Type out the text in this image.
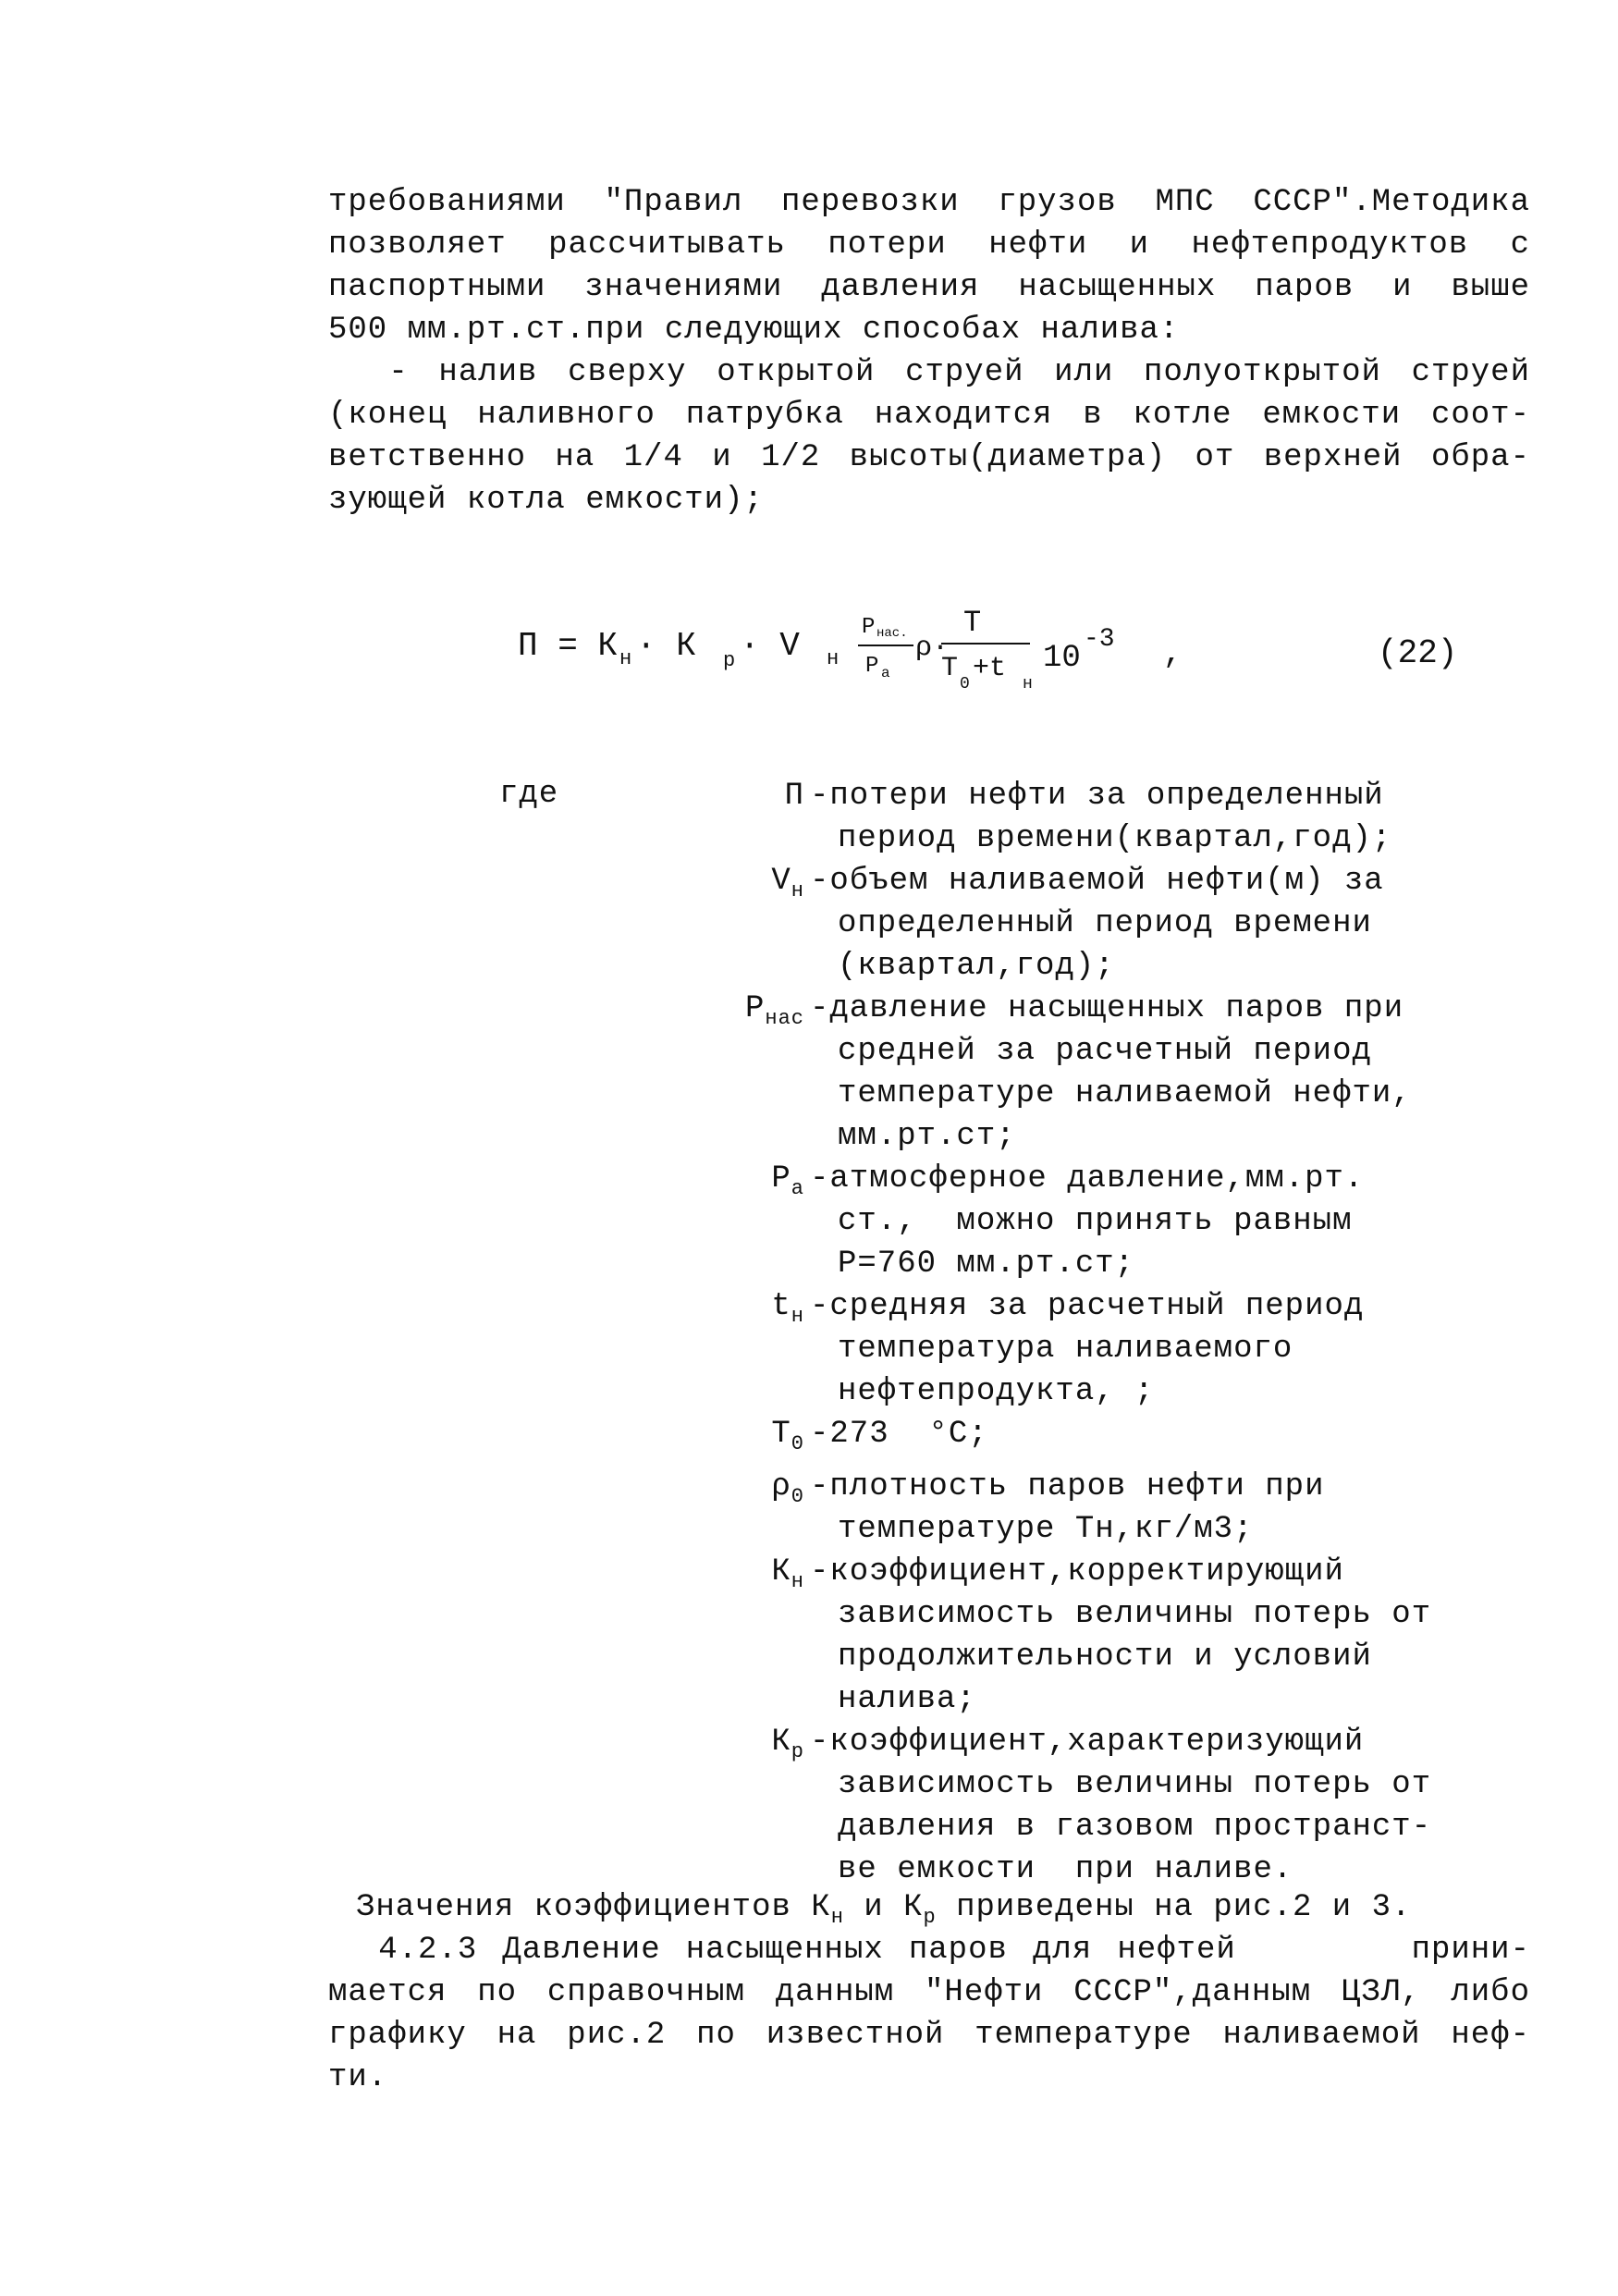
требованиями "Правил перевозки грузов МПС СССР".Методика
позволяет рассчитывать потери нефти и нефтепродуктов с
паспортными значениями давления насыщенных паров и выше
500 мм.рт.ст.при следующих способах налива:
- налив сверху открытой струей или полуоткрытой струей
(конец наливного патрубка находится в котле емкости соот-
ветственно на 1/4 и 1/2 высоты(диаметра) от верхней обра-
зующей котла емкости);
П = К н · К р · V н
Р нас.
Р а
ρ·
Т
Т 0 +t н
10
-3 ,	(22)
где	П -потери нефти за определенный
период времени(квартал,год);
$V_н$ -объем наливаемой нефти(м) за
определенный период времени
(квартал,год);
$Р_{нас}$ -давление насыщенных паров при
средней за расчетный период
температуре наливаемой нефти,
мм.рт.ст;
$Р_а$ -атмосферное давление,мм.рт.
ст.,  можно принять равным
Р=760 мм.рт.ст;
$t_н$ -средняя за расчетный период
температура наливаемого
нефтепродукта, ;
$Т_0$ -273  °С;
$\rho_0$ -плотность паров нефти при
температуре Тн,кг/м3;
$К_н$ -коэффициент,корректирующий
зависимость величины потерь от
продолжительности и условий
налива;
$К_р$ -коэффициент,характеризующий
зависимость величины потерь от
давления в газовом пространст-
ве емкости  при наливе.
Значения коэффициентов $К_н$ и $К_р$ приведены на рис.2 и 3.
4.2.3 Давление насыщенных паров для нефтей       прини-
мается по справочным данным "Нефти СССР",данным ЦЗЛ, либо
графику на рис.2 по известной температуре наливаемой неф-
ти.
